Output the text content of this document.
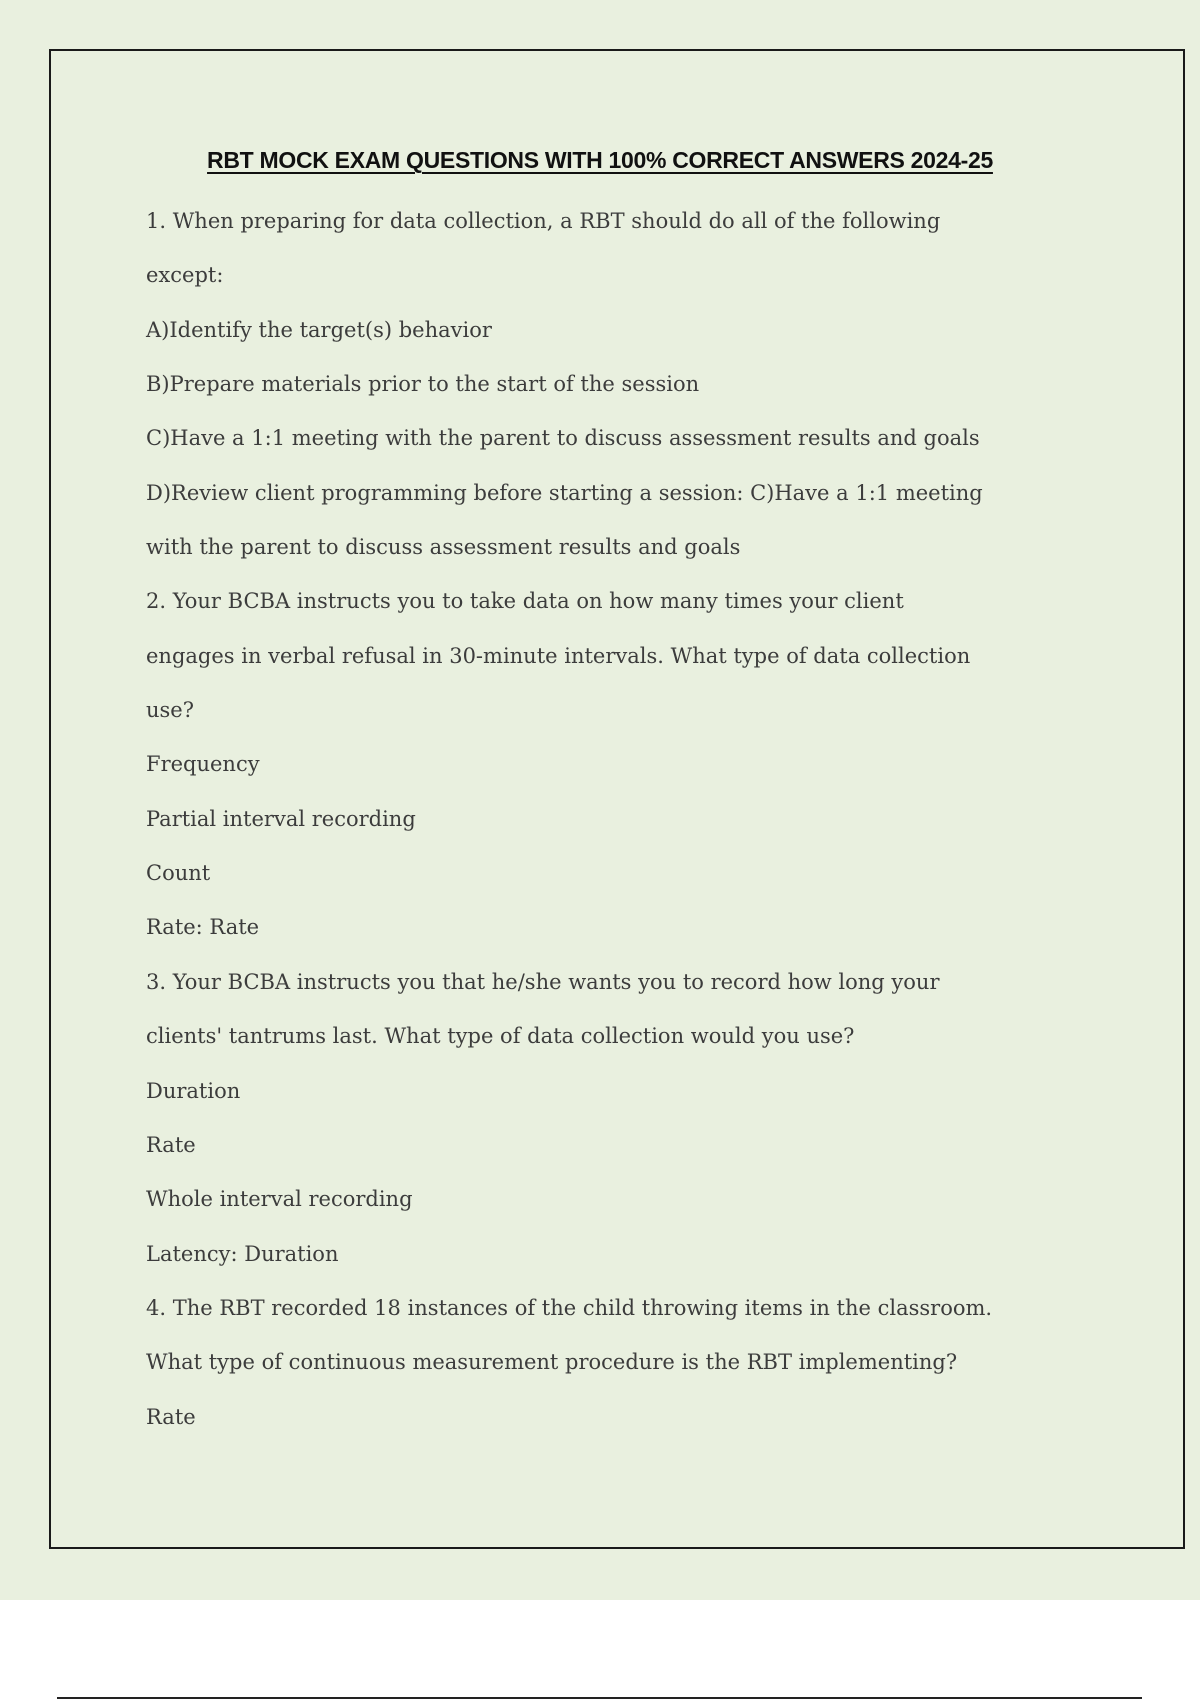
RBT MOCK EXAM QUESTIONS WITH 100% CORRECT ANSWERS 2024-25
1. When preparing for data collection, a RBT should do all of the following
except:
A)Identify the target(s) behavior
B)Prepare materials prior to the start of the session
C)Have a 1:1 meeting with the parent to discuss assessment results and goals
D)Review client programming before starting a session: C)Have a 1:1 meeting
with the parent to discuss assessment results and goals
2. Your BCBA instructs you to take data on how many times your client
engages in verbal refusal in 30-minute intervals. What type of data collection
use?
Frequency
Partial interval recording
Count
Rate: Rate
3. Your BCBA instructs you that he/she wants you to record how long your
clients' tantrums last. What type of data collection would you use?
Duration
Rate
Whole interval recording
Latency: Duration
4. The RBT recorded 18 instances of the child throwing items in the classroom.
What type of continuous measurement procedure is the RBT implementing?
Rate
